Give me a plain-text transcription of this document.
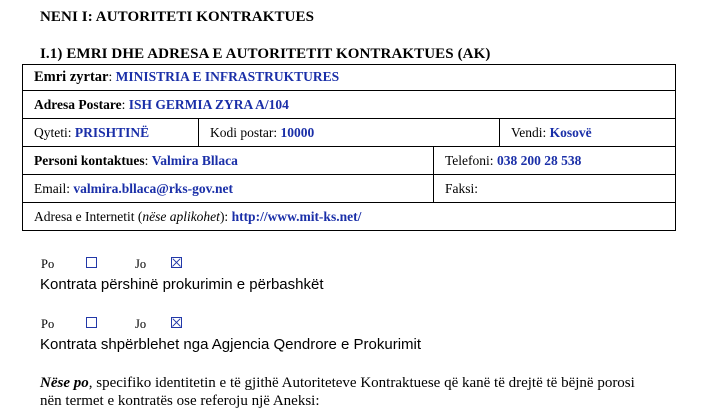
NENI I: AUTORITETI KONTRAKTUES
I.1) EMRI DHE ADRESA E AUTORITETIT KONTRAKTUES (AK)
Emri zyrtar: MINISTRIA E INFRASTRUKTURES			
Adresa Postare: ISH GERMIA ZYRA A/104			
Qyteti: PRISHTINË	Kodi postar: 10000		Vendi: Kosovë
Personi kontaktues: Valmira Bllaca		Telefoni: 038 200 28 538	
Email: valmira.bllaca@rks-gov.net		Faksi:	
Adresa e Internetit (nëse aplikohet): http://www.mit-ks.net/			
Po	Jo
Kontrata përshinë prokurimin e përbashkët
Po	Jo
Kontrata shpërblehet nga Agjencia Qendrore e Prokurimit
Nëse po, specifiko identitetin e të gjithë Autoriteteve Kontraktuese që kanë të drejtë të bëjnë porosi
nën termet e kontratës ose referoju një Aneksi:
